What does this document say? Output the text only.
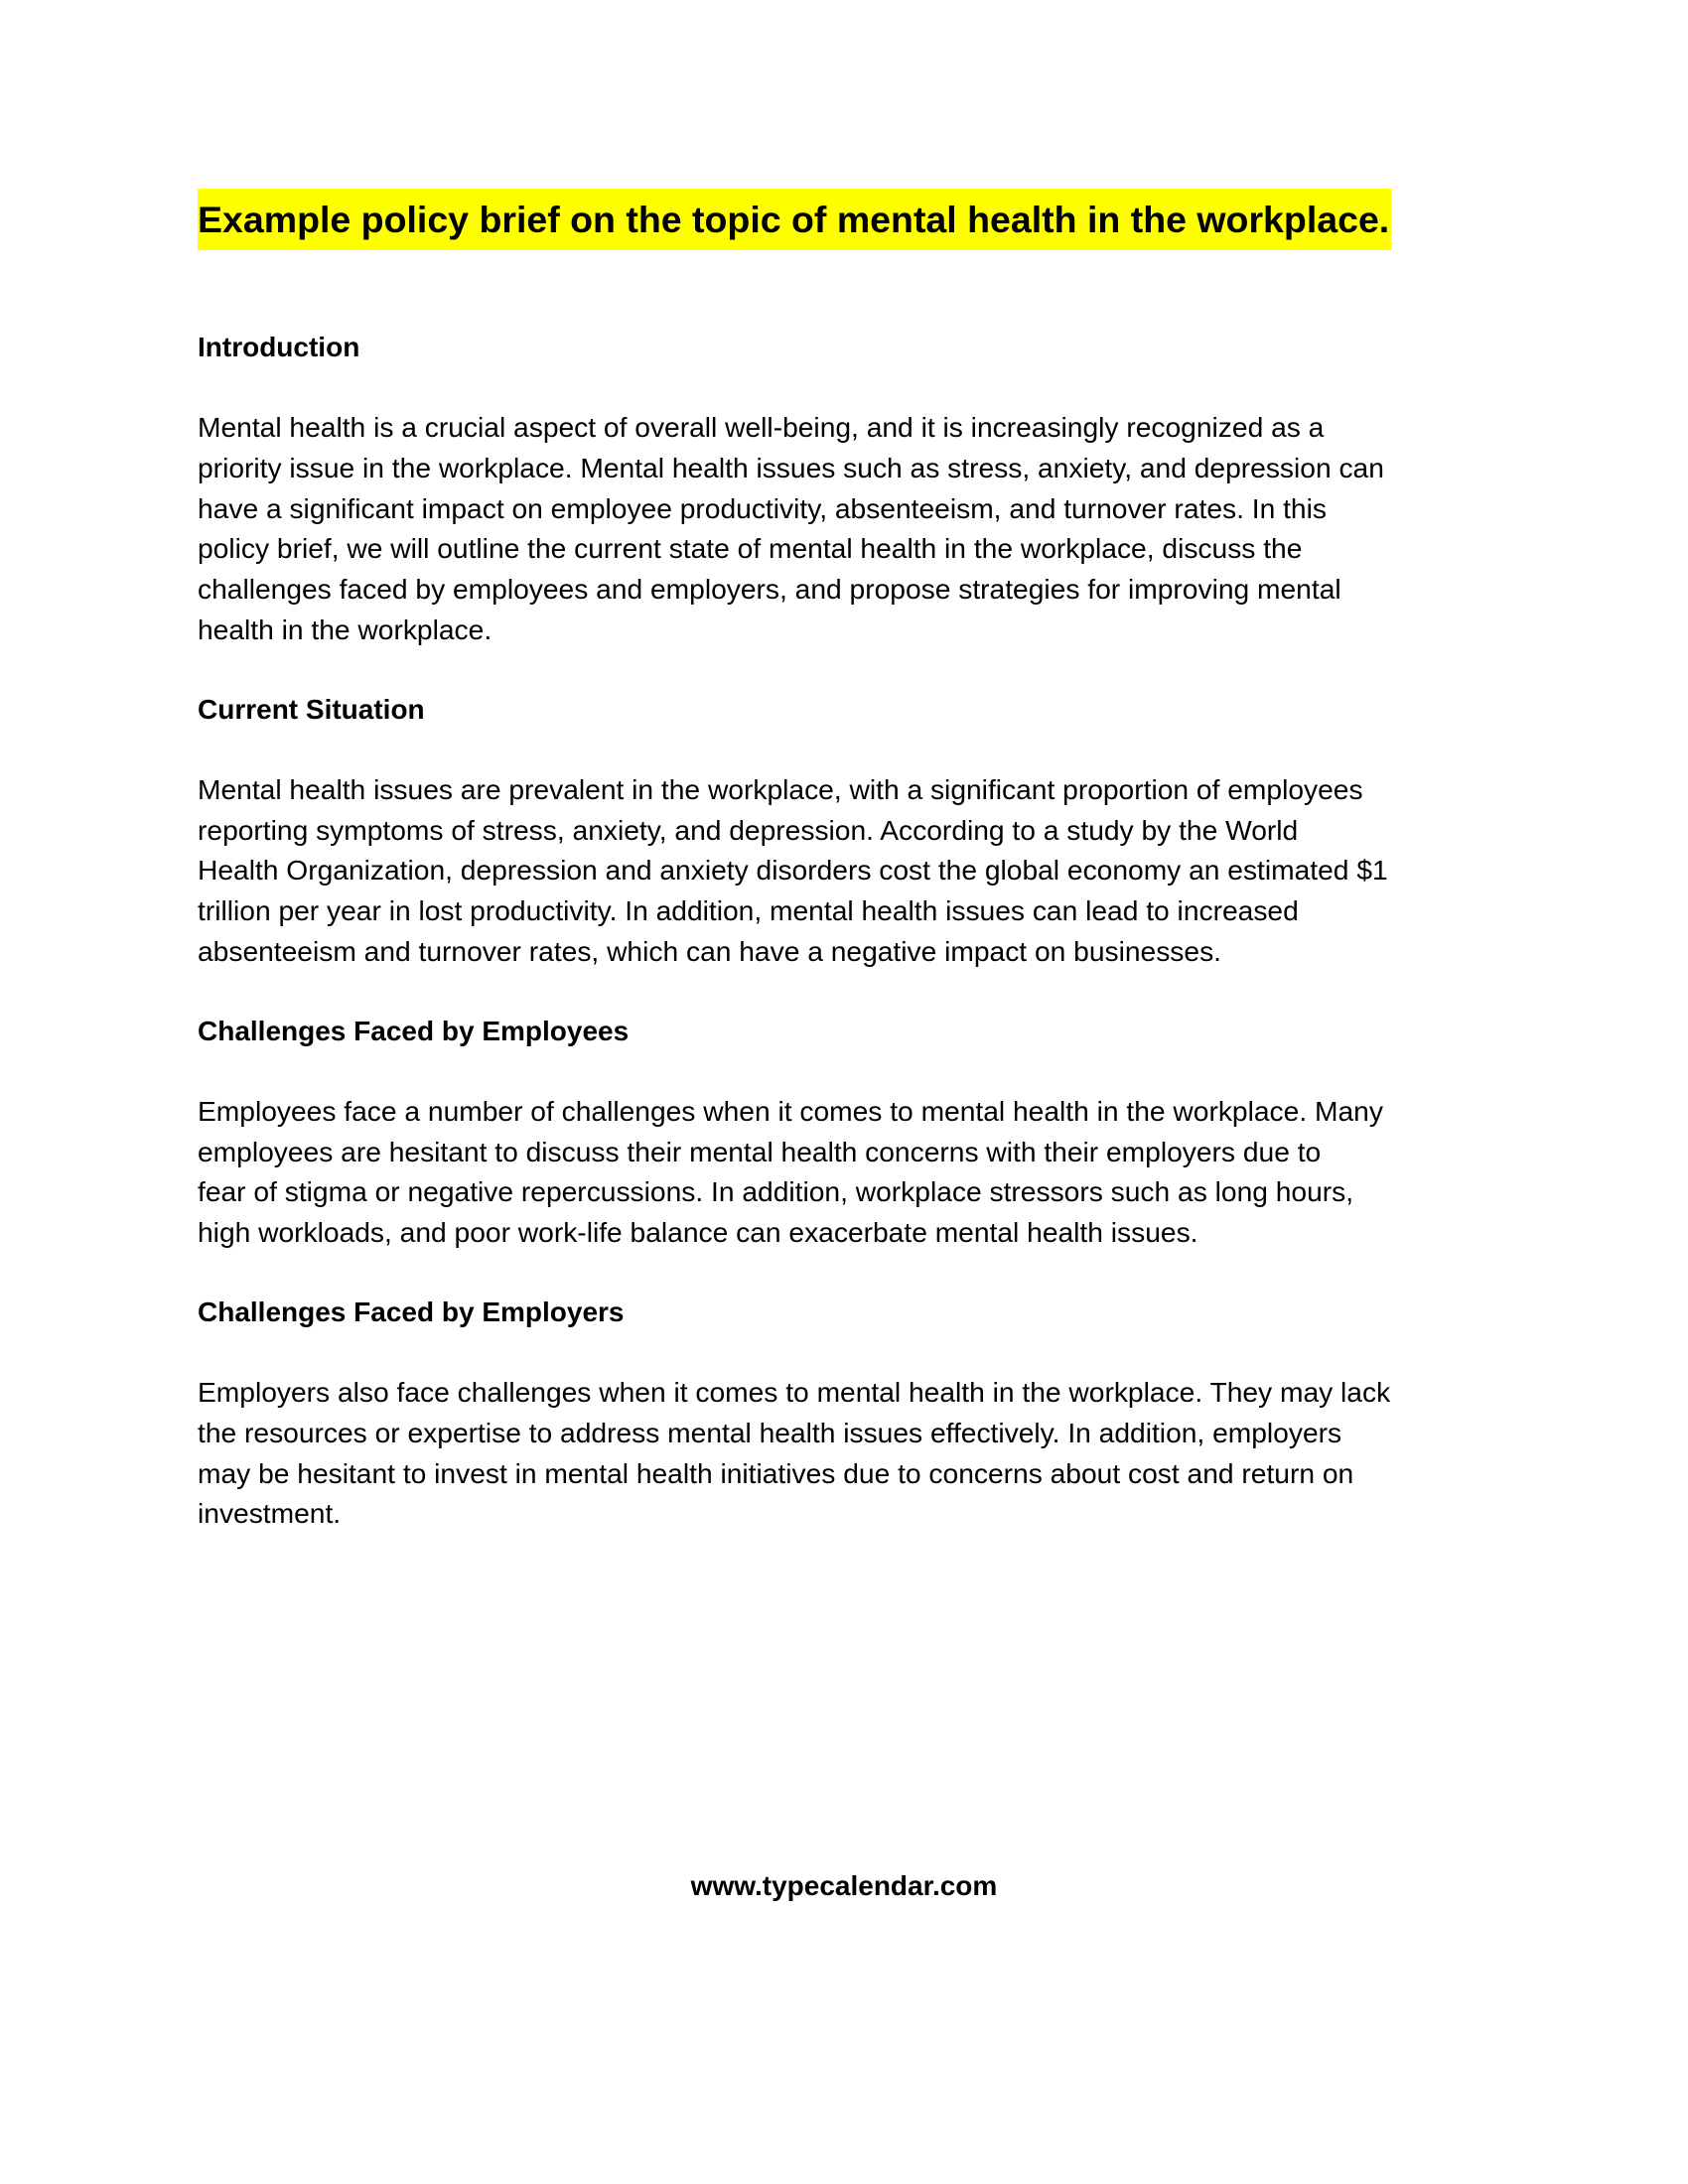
Example policy brief on the topic of mental health in the workplace.
Introduction
Mental health is a crucial aspect of overall well-being, and it is increasingly recognized as a
priority issue in the workplace. Mental health issues such as stress, anxiety, and depression can
have a significant impact on employee productivity, absenteeism, and turnover rates. In this
policy brief, we will outline the current state of mental health in the workplace, discuss the
challenges faced by employees and employers, and propose strategies for improving mental
health in the workplace.
Current Situation
Mental health issues are prevalent in the workplace, with a significant proportion of employees
reporting symptoms of stress, anxiety, and depression. According to a study by the World
Health Organization, depression and anxiety disorders cost the global economy an estimated $1
trillion per year in lost productivity. In addition, mental health issues can lead to increased
absenteeism and turnover rates, which can have a negative impact on businesses.
Challenges Faced by Employees
Employees face a number of challenges when it comes to mental health in the workplace. Many
employees are hesitant to discuss their mental health concerns with their employers due to
fear of stigma or negative repercussions. In addition, workplace stressors such as long hours,
high workloads, and poor work-life balance can exacerbate mental health issues.
Challenges Faced by Employers
Employers also face challenges when it comes to mental health in the workplace. They may lack
the resources or expertise to address mental health issues effectively. In addition, employers
may be hesitant to invest in mental health initiatives due to concerns about cost and return on
investment.
www.typecalendar.com
